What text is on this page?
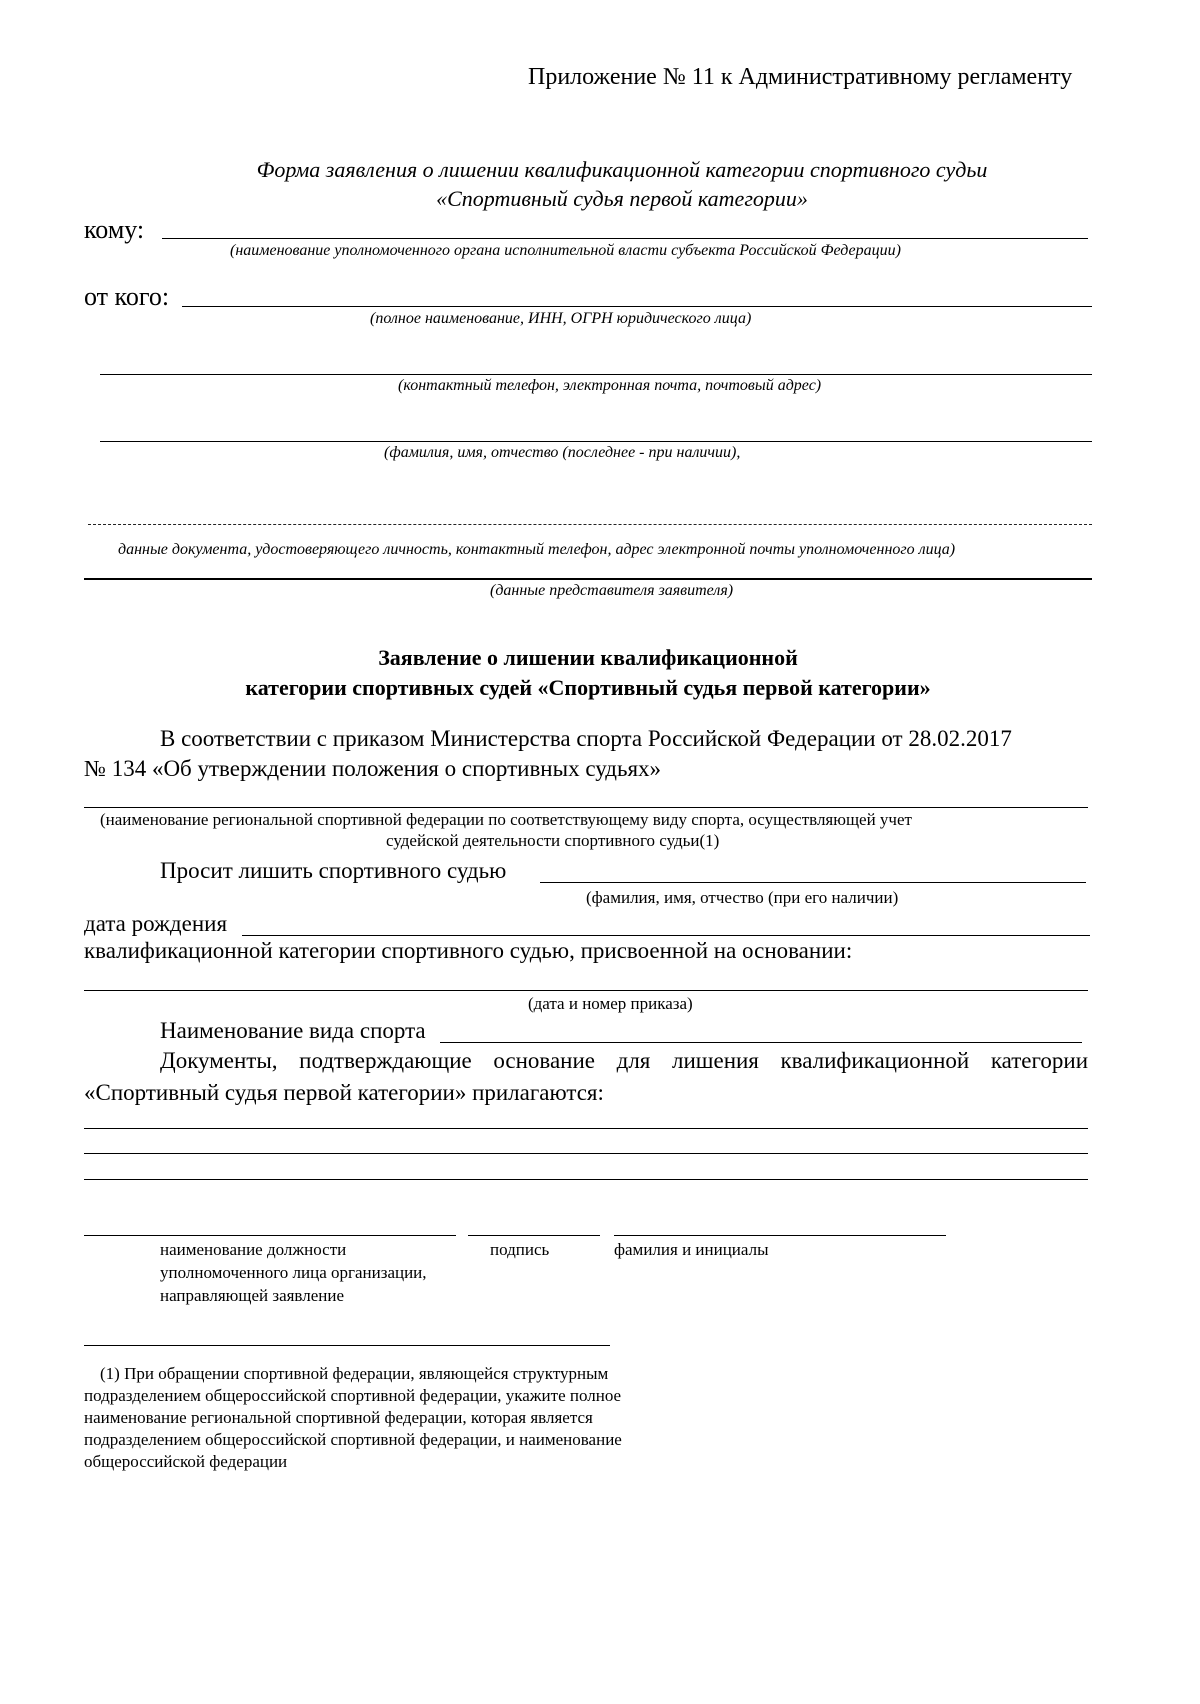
Приложение № 11 к Административному регламенту
Форма заявления о лишении квалификационной категории спортивного судьи
«Спортивный судья первой категории»
кому:
(наименование уполномоченного органа исполнительной власти субъекта Российской Федерации)
от кого:
(полное наименование, ИНН, ОГРН юридического лица)
(контактный телефон, электронная почта, почтовый адрес)
(фамилия, имя, отчество (последнее - при наличии),
данные документа, удостоверяющего личность, контактный телефон, адрес электронной почты уполномоченного лица)
(данные представителя заявителя)
Заявление о лишении квалификационной
категории спортивных судей «Спортивный судья первой категории»
В соответствии с приказом Министерства спорта Российской Федерации от 28.02.2017
№ 134 «Об утверждении положения о спортивных судьях»
(наименование региональной спортивной федерации по соответствующему виду спорта, осуществляющей учет
судейской деятельности спортивного судьи(1)
Просит лишить спортивного судью
(фамилия, имя, отчество (при его наличии)
дата рождения
квалификационной категории спортивного судью, присвоенной на основании:
(дата и номер приказа)
Наименование вида спорта
Документы, подтверждающие основание для лишения квалификационной категории
«Спортивный судья первой категории» прилагаются:
наименование должности
уполномоченного лица организации,
направляющей заявление
подпись	фамилия и инициалы
(1) При обращении спортивной федерации, являющейся структурным
подразделением общероссийской спортивной федерации, укажите полное
наименование региональной спортивной федерации, которая является
подразделением общероссийской спортивной федерации, и наименование
общероссийской федерации
